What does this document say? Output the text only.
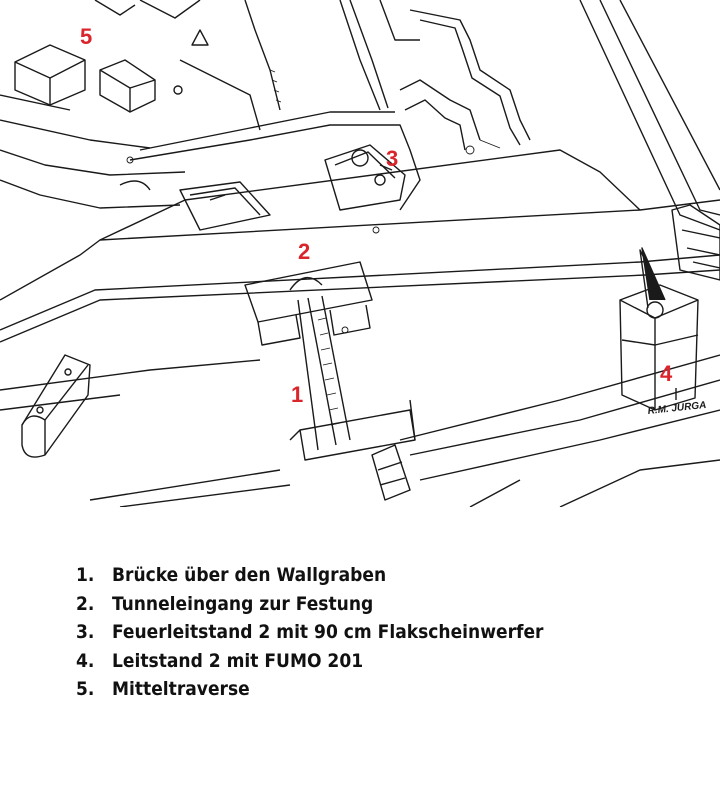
1
2
3
4
5
R.M. JURGA
1. Brücke über den Wallgraben
2. Tunneleingang zur Festung
3. Feuerleitstand 2 mit 90 cm Flakscheinwerfer
4. Leitstand 2 mit FUMO 201
5. Mitteltraverse
